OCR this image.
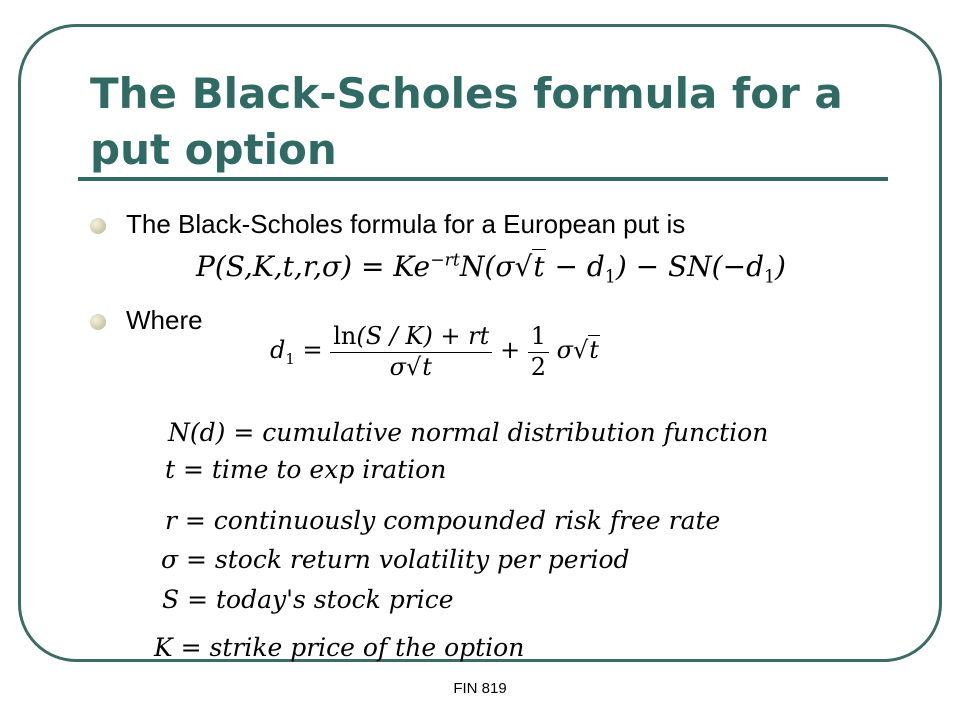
The Black-Scholes formula for a put option
The Black-Scholes formula for a European put is
$P(S,K,t,r,\sigma) = Ke^{-rt}N(\sigma√t - d_1) - SN(-d_1)$
Where
$d_1 = \frac{\ln(S / K) + rt}{\sigma√t} + \frac{1}{2} \sigma√t$
N(d) = cumulative normal distribution function
t = time to exp iration
r = continuously compounded risk free rate
σ = stock return volatility per period
S = today's stock price
K = strike price of the option
FIN 819
